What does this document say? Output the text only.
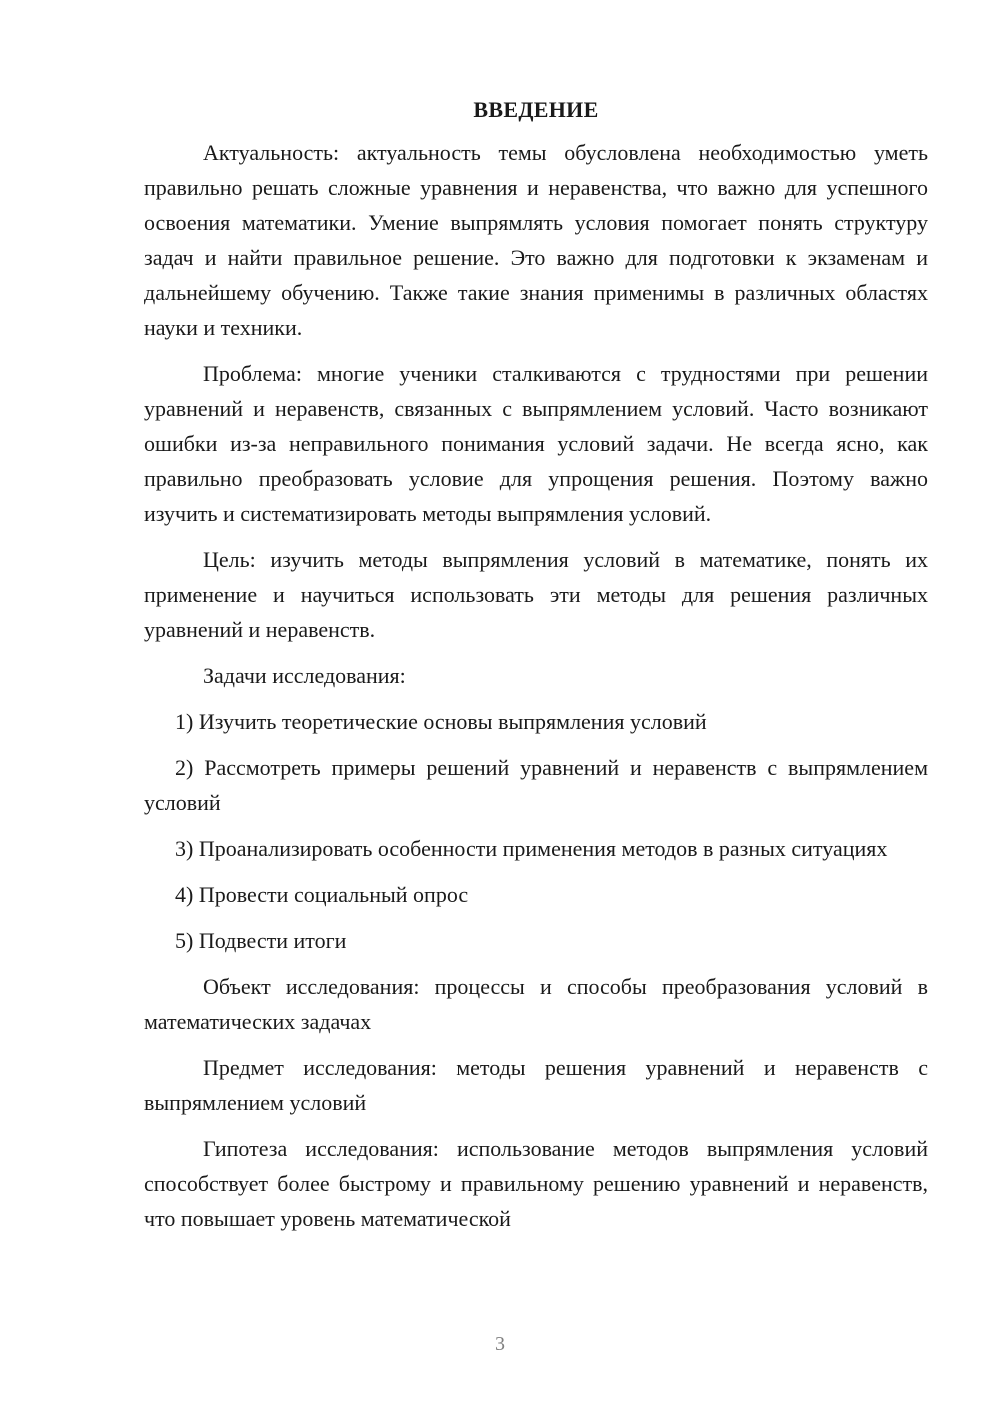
ВВЕДЕНИЕ

Актуальность: актуальность темы обусловлена необходимостью уметь правильно решать сложные уравнения и неравенства, что важно для успешного освоения математики. Умение выпрямлять условия помогает понять структуру задач и найти правильное решение. Это важно для подготовки к экзаменам и дальнейшему обучению. Также такие знания применимы в различных областях науки и техники.

Проблема: многие ученики сталкиваются с трудностями при решении уравнений и неравенств, связанных с выпрямлением условий. Часто возникают ошибки из-за неправильного понимания условий задачи. Не всегда ясно, как правильно преобразовать условие для упрощения решения. Поэтому важно изучить и систематизировать методы выпрямления условий.

Цель: изучить методы выпрямления условий в математике, понять их применение и научиться использовать эти методы для решения различных уравнений и неравенств.

Задачи исследования:

1) Изучить теоретические основы выпрямления условий

2) Рассмотреть примеры решений уравнений и неравенств с выпрямлением условий

3) Проанализировать особенности применения методов в разных ситуациях

4) Провести социальный опрос

5) Подвести итоги

Объект исследования: процессы и способы преобразования условий в математических задачах

Предмет исследования: методы решения уравнений и неравенств с выпрямлением условий

Гипотеза исследования: использование методов выпрямления условий способствует более быстрому и правильному решению уравнений и неравенств, что повышает уровень математической

3
